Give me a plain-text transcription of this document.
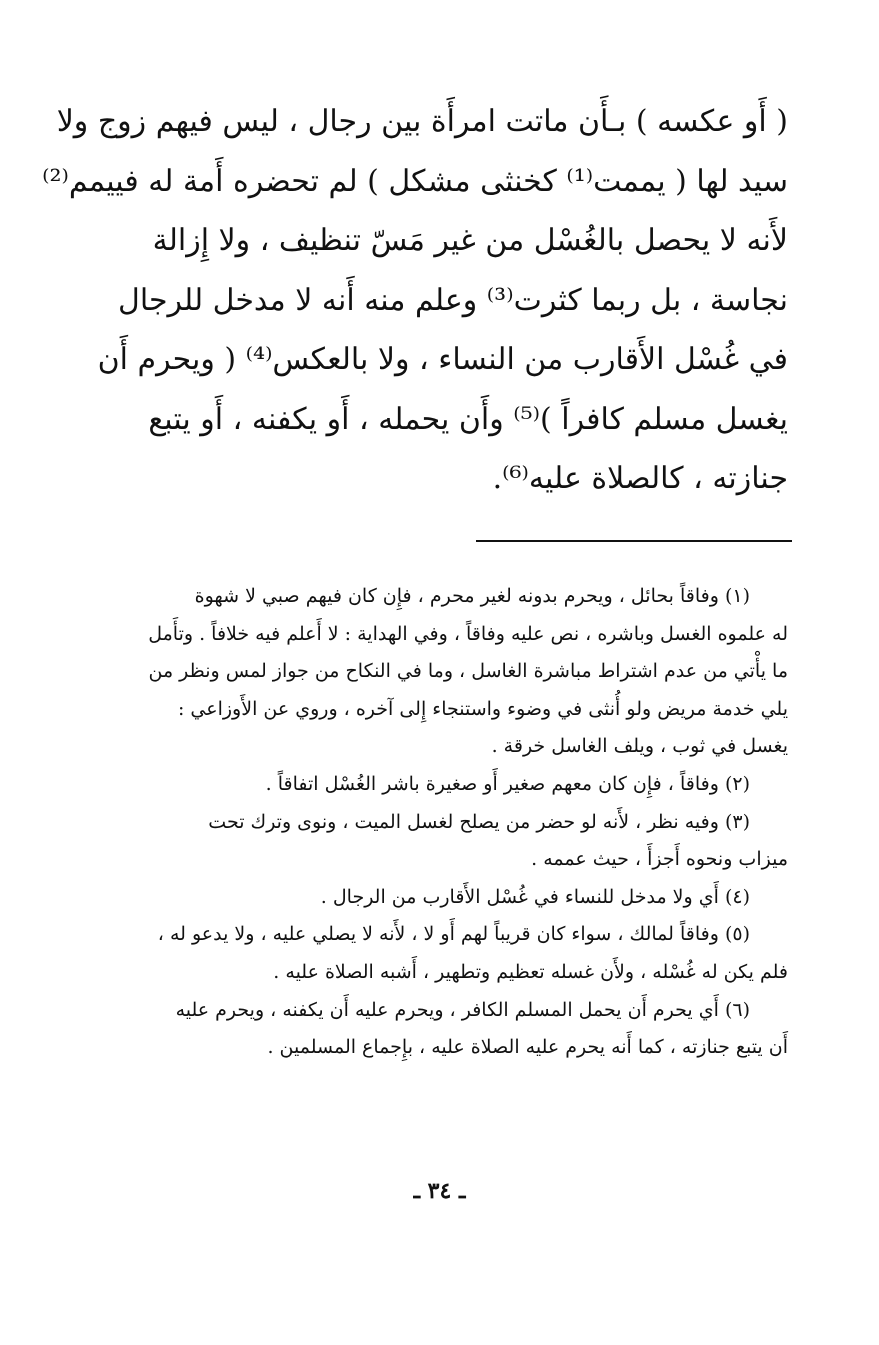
( أَو عكسه ) بـأَن ماتت امرأَة بين رجال ، ليس فيهم زوج ولا
سيد لها ( يممت⁽¹⁾ كخنثى مشكل ) لم تحضره أَمة له فييمم⁽²⁾
لأَنه لا يحصل بالغُسْل من غير مَسّ تنظيف ، ولا إِزالة
نجاسة ، بل ربما كثرت⁽³⁾ وعلم منه أَنه لا مدخل للرجال
في غُسْل الأَقارب من النساء ، ولا بالعكس⁽⁴⁾ ( ويحرم أَن
يغسل مسلم كافراً )⁽⁵⁾ وأَن يحمله ، أَو يكفنه ، أَو يتبع
جنازته ، كالصلاة عليه⁽⁶⁾.
(١) وفاقاً بحائل ، ويحرم بدونه لغير محرم ، فإِن كان فيهم صبي لا شهوة
له علموه الغسل وباشره ، نص عليه وفاقاً ، وفي الهداية : لا أَعلم فيه خلافاً . وتأَمل
ما يأْتي من عدم اشتراط مباشرة الغاسل ، وما في النكاح من جواز لمس ونظر من
يلي خدمة مريض ولو أُنثى في وضوء واستنجاء إِلى آخره ، وروي عن الأَوزاعي :
يغسل في ثوب ، ويلف الغاسل خرقة .
(٢) وفاقاً ، فإِن كان معهم صغير أَو صغيرة باشر الغُسْل اتفاقاً .
(٣) وفيه نظر ، لأَنه لو حضر من يصلح لغسل الميت ، ونوى وترك تحت
ميزاب ونحوه أَجزأَ ، حيث عممه .
(٤) أَي ولا مدخل للنساء في غُسْل الأَقارب من الرجال .
(٥) وفاقاً لمالك ، سواء كان قريباً لهم أَو لا ، لأَنه لا يصلي عليه ، ولا يدعو له ،
فلم يكن له غُسْله ، ولأَن غسله تعظيم وتطهير ، أَشبه الصلاة عليه .
(٦) أَي يحرم أَن يحمل المسلم الكافر ، ويحرم عليه أَن يكفنه ، ويحرم عليه
أَن يتبع جنازته ، كما أَنه يحرم عليه الصلاة عليه ، بإِجماع المسلمين .
ـ ٣٤ ـ
